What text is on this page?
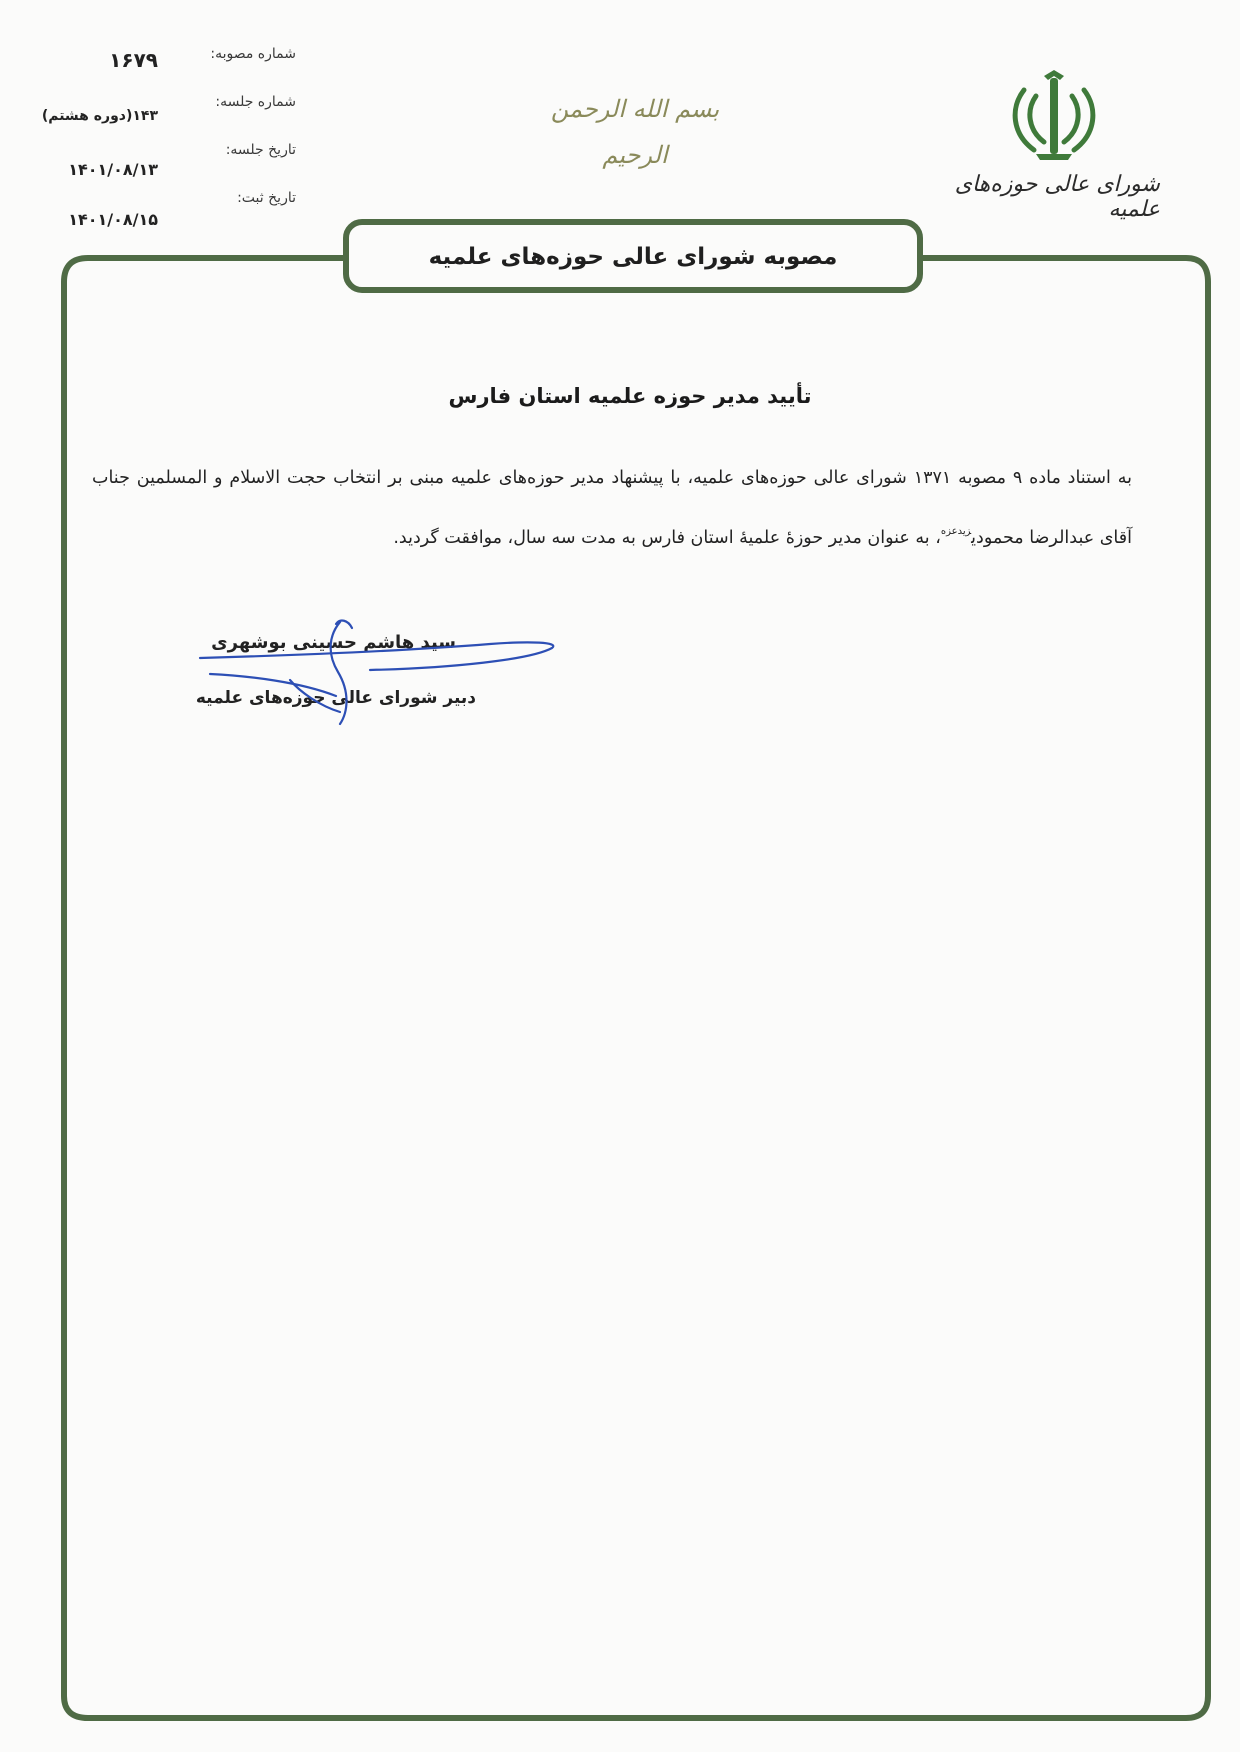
شماره مصوبه:
۱۶۷۹
شماره جلسه:
۱۴۳(دوره هشتم)
تاریخ جلسه:
۱۴۰۱/۰۸/۱۳
تاریخ ثبت:
۱۴۰۱/۰۸/۱۵
بسم الله الرحمن الرحیم
شورای عالی حوزه‌های علمیه
مصوبه شورای عالی حوزه‌های علمیه
تأیید مدیر حوزه علمیه استان فارس
به استناد ماده ۹ مصوبه ۱۳۷۱ شورای عالی حوزه‌های علمیه، با پیشنهاد مدیر حوزه‌های علمیه مبنی بر انتخاب حجت الاسلام و المسلمین جناب آقای عبدالرضا محمودی$^{زیدعزه}$، به عنوان مدیر حوزهٔ علمیهٔ استان فارس به مدت سه سال، موافقت گردید.
سید هاشم حسینی بوشهری
دبیر شورای عالی حوزه‌های علمیه
